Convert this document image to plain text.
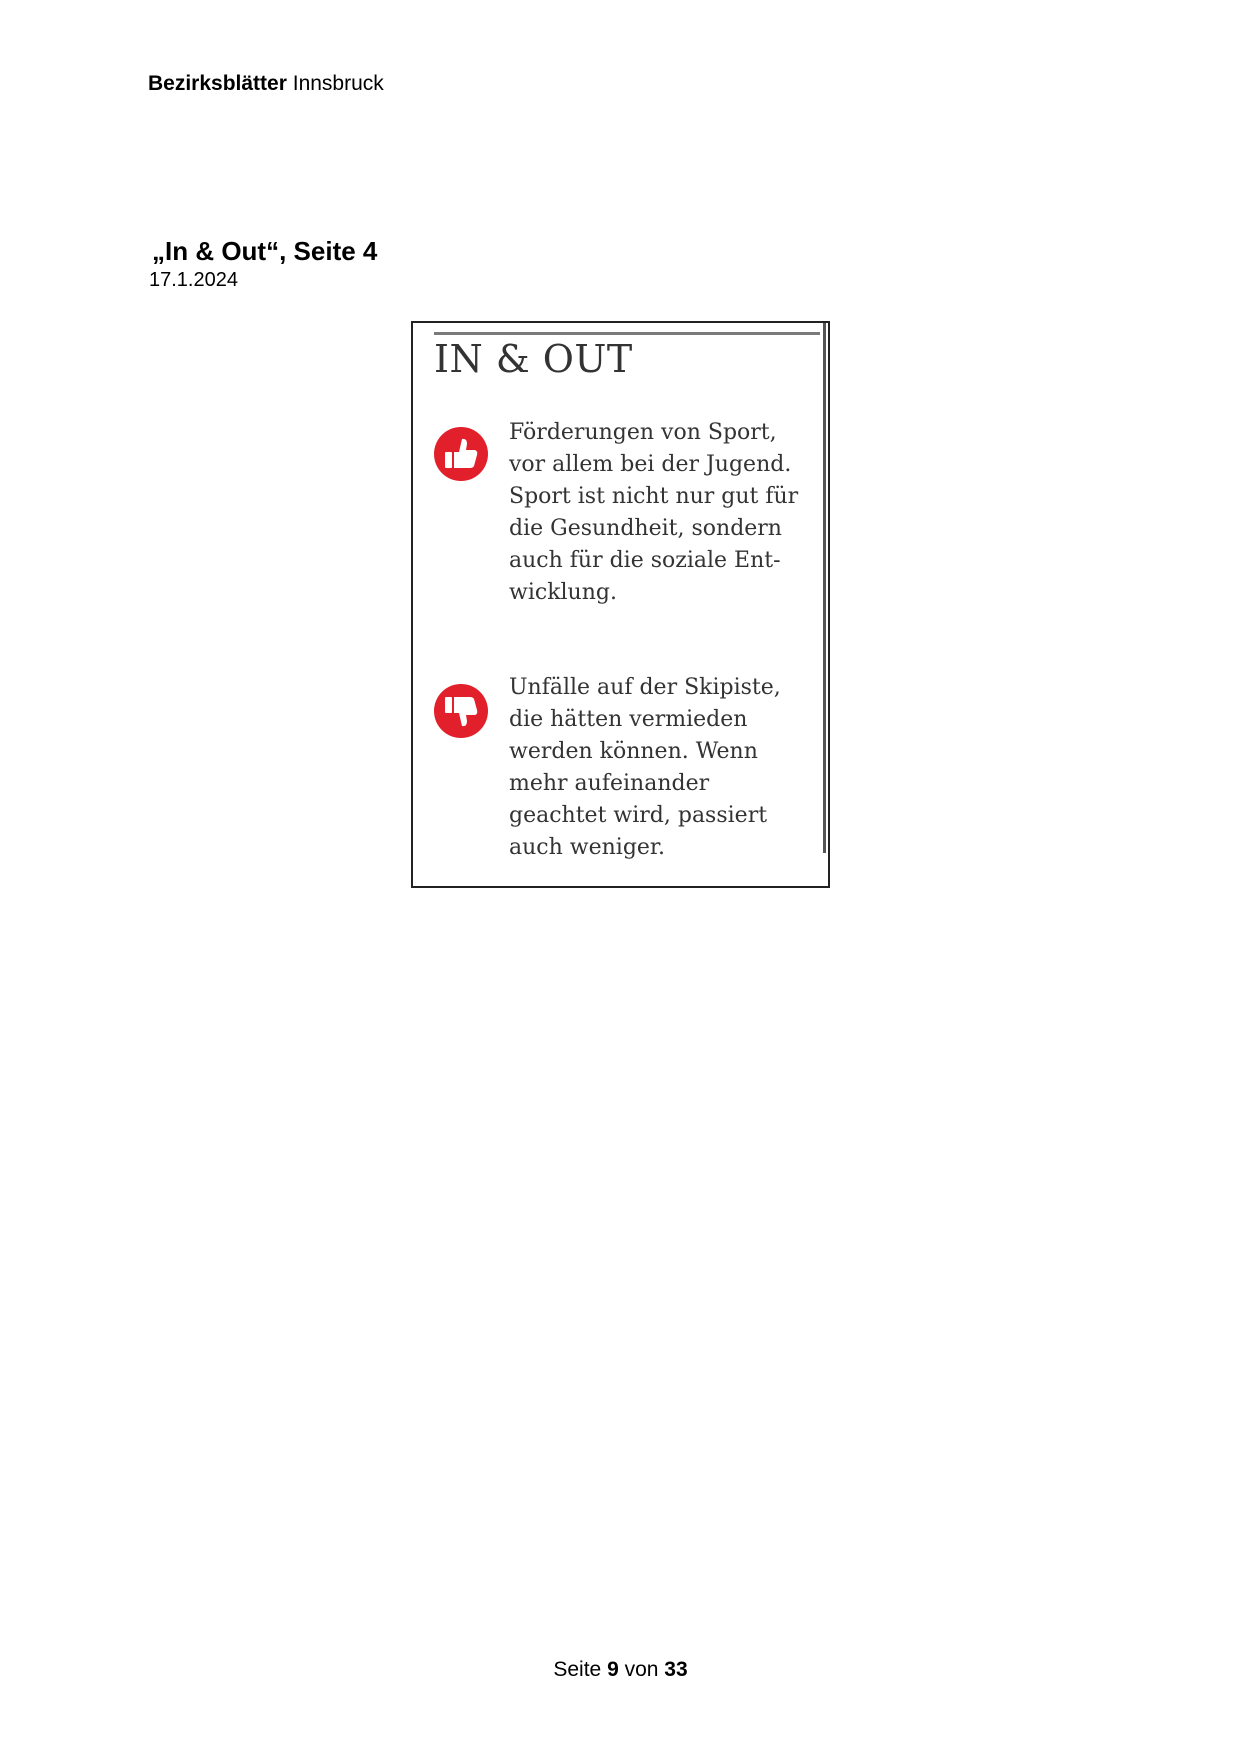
Bezirksblätter Innsbruck
„In & Out“, Seite 4
17.1.2024
IN & OUT
Förderungen von Sport,
vor allem bei der Jugend.
Sport ist nicht nur gut für
die Gesundheit, sondern
auch für die soziale Ent-
wicklung.
Unfälle auf der Skipiste,
die hätten vermieden
werden können. Wenn
mehr aufeinander
geachtet wird, passiert
auch weniger.
Seite 9 von 33
